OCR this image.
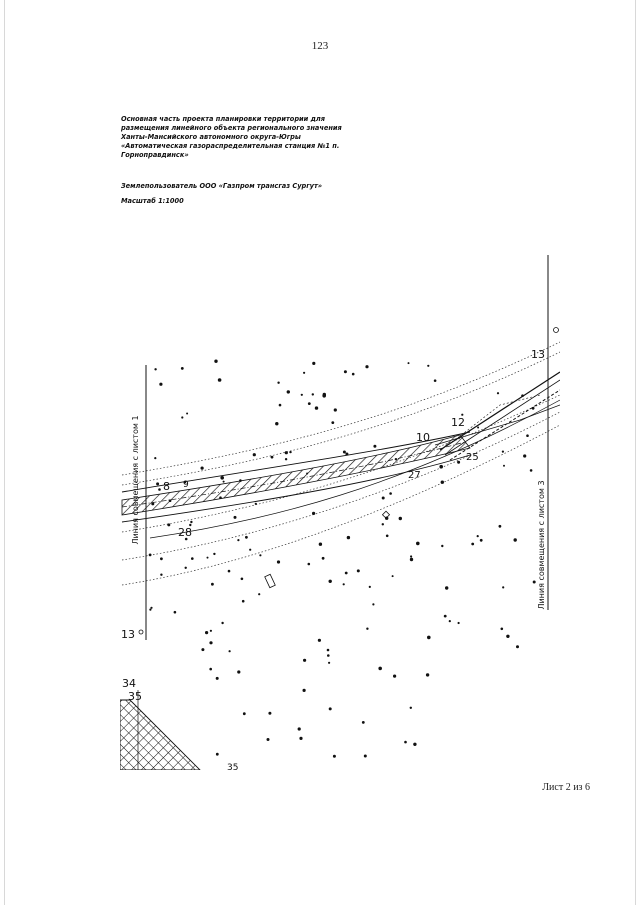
123
Основная часть проекта планировки территории для размещения линейного объекта регионального значения Ханты-Мансийского автономного округа-Югры «Автоматическая газораспределительная станция №1 п. Горноправдинск»
Землепользователь ООО «Газпром трансгаз Сургут»
Масштаб 1:1000
Линия совмещения с листом 1
Линия совмещения с листом 3
8 9
10
12
13
13
25
27
28
34
35
35
Лист 2 из 6
